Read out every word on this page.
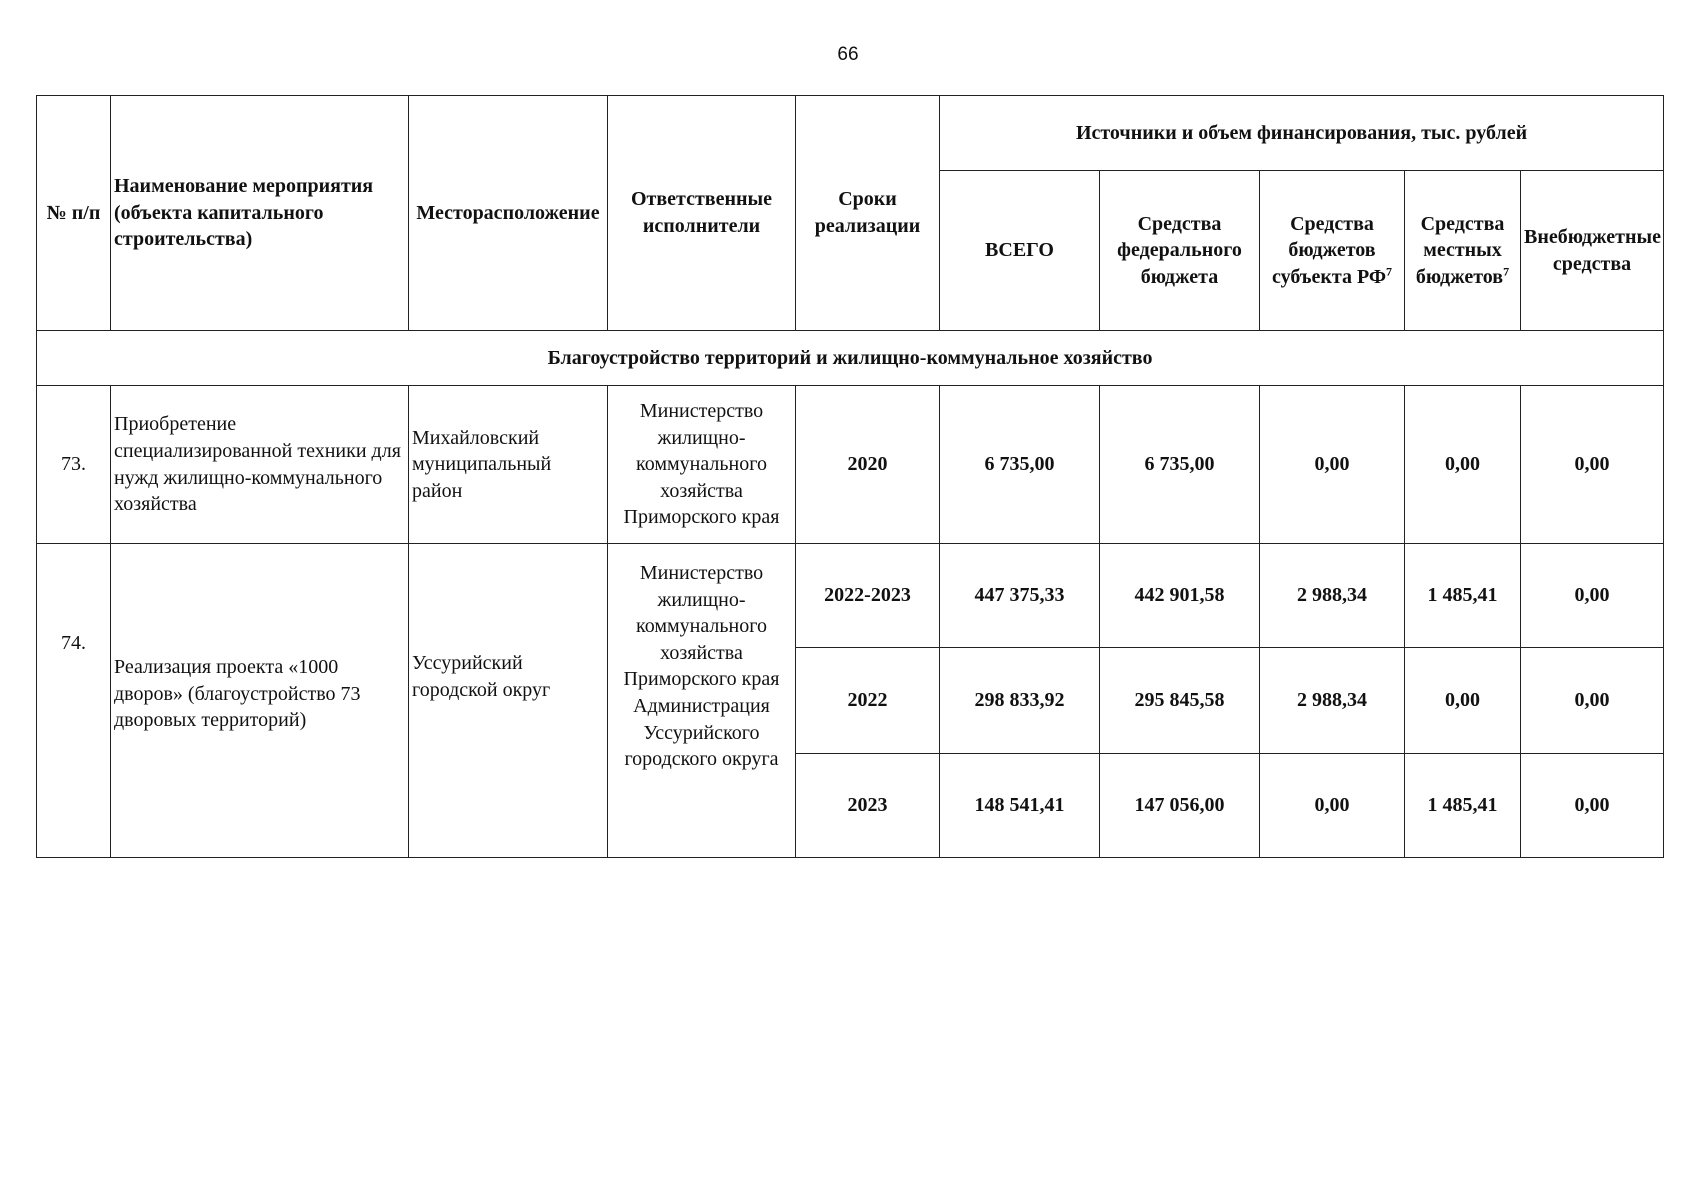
66
№ п/п	Наименование мероприятия (объекта капитального строительства)	Месторасположение	Ответственные исполнители	Сроки реализации	Источники и объем финансирования, тыс. рублей				
					ВСЕГО	Средства федерального бюджета	Средства бюджетов субъекта $РФ^7$	Средства местных бюджетов$^7$	Внебюджетные средства
Благоустройство территорий и жилищно-коммунальное хозяйство									
73.	Приобретение специализированной техники для нужд жилищно-коммунального хозяйства	Михайловский муниципальный район	Министерство жилищно-коммунального хозяйства Приморского края	2020	6 735,00	6 735,00	0,00	0,00	0,00
74.	Реализация проекта «1000 дворов» (благоустройство 73 дворовых территорий)	Уссурийский городской округ	Министерство жилищно-коммунального хозяйства Приморского края Администрация Уссурийского городского округа	2022-2023	447 375,33	442 901,58	2 988,34	1 485,41	0,00
				2022	298 833,92	295 845,58	2 988,34	0,00	0,00
				2023	148 541,41	147 056,00	0,00	1 485,41	0,00
